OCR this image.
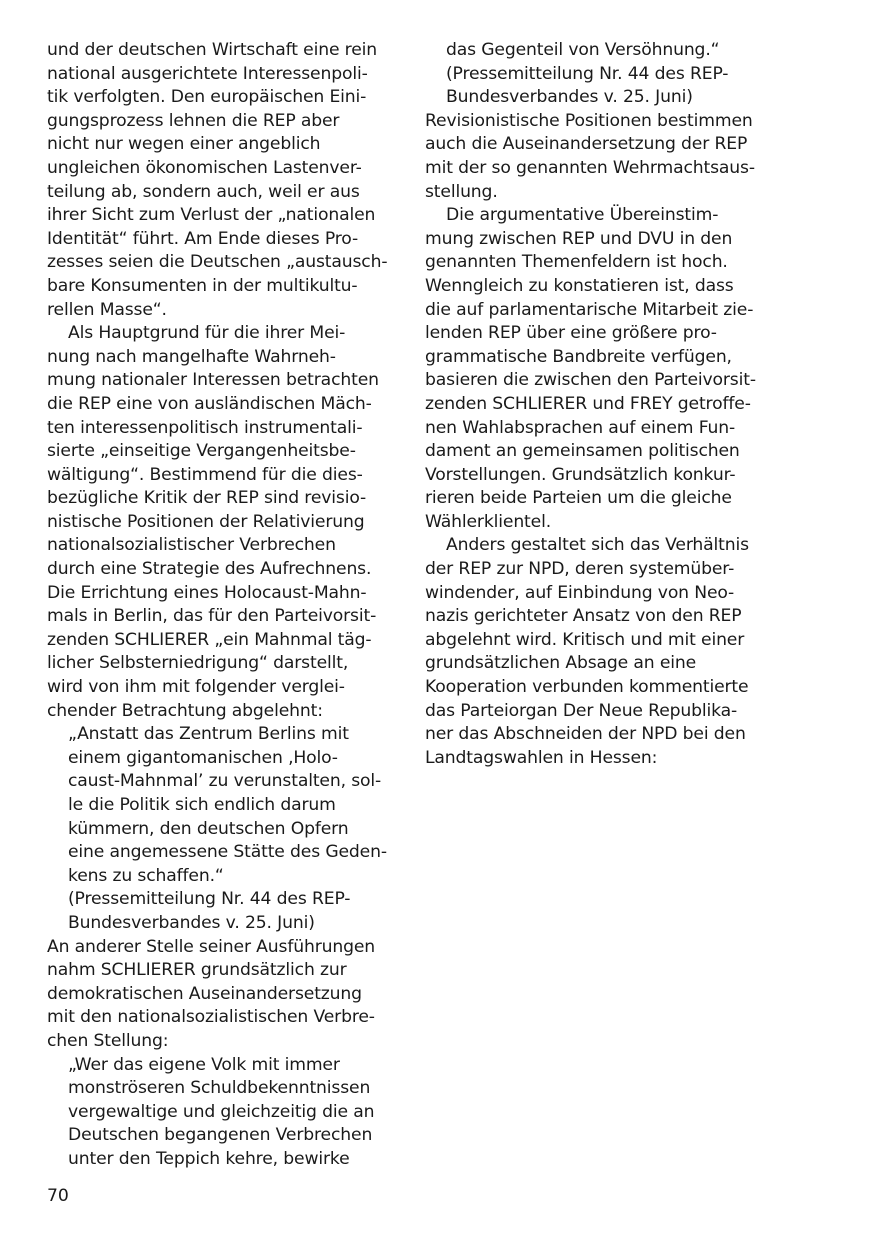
und der deutschen Wirtschaft eine rein
national ausgerichtete Interessenpoli-
tik verfolgten. Den europäischen Eini-
gungsprozess lehnen die REP aber
nicht nur wegen einer angeblich
ungleichen ökonomischen Lastenver-
teilung ab, sondern auch, weil er aus
ihrer Sicht zum Verlust der „nationalen
Identität“ führt. Am Ende dieses Pro-
zesses seien die Deutschen „austausch-
bare Konsumenten in der multikultu-
rellen Masse“.
Als Hauptgrund für die ihrer Mei-
nung nach mangelhafte Wahrneh-
mung nationaler Interessen betrachten
die REP eine von ausländischen Mäch-
ten interessenpolitisch instrumentali-
sierte „einseitige Vergangenheitsbe-
wältigung“. Bestimmend für die dies-
bezügliche Kritik der REP sind revisio-
nistische Positionen der Relativierung
nationalsozialistischer Verbrechen
durch eine Strategie des Aufrechnens.
Die Errichtung eines Holocaust-Mahn-
mals in Berlin, das für den Parteivorsit-
zenden SCHLIERER „ein Mahnmal täg-
licher Selbsterniedrigung“ darstellt,
wird von ihm mit folgender verglei-
chender Betrachtung abgelehnt:
„Anstatt das Zentrum Berlins mit
einem gigantomanischen ‚Holo-
caust-Mahnmal’ zu verunstalten, sol-
le die Politik sich endlich darum
kümmern, den deutschen Opfern
eine angemessene Stätte des Geden-
kens zu schaffen.“
(Pressemitteilung Nr. 44 des REP-
Bundesverbandes v. 25. Juni)
An anderer Stelle seiner Ausführungen
nahm SCHLIERER grundsätzlich zur
demokratischen Auseinandersetzung
mit den nationalsozialistischen Verbre-
chen Stellung:
„Wer das eigene Volk mit immer
monströseren Schuldbekenntnissen
vergewaltige und gleichzeitig die an
Deutschen begangenen Verbrechen
unter den Teppich kehre, bewirke
das Gegenteil von Versöhnung.“
(Pressemitteilung Nr. 44 des REP-
Bundesverbandes v. 25. Juni)
Revisionistische Positionen bestimmen
auch die Auseinandersetzung der REP
mit der so genannten Wehrmachtsaus-
stellung.
Die argumentative Übereinstim-
mung zwischen REP und DVU in den
genannten Themenfeldern ist hoch.
Wenngleich zu konstatieren ist, dass
die auf parlamentarische Mitarbeit zie-
lenden REP über eine größere pro-
grammatische Bandbreite verfügen,
basieren die zwischen den Parteivorsit-
zenden SCHLIERER und FREY getroffe-
nen Wahlabsprachen auf einem Fun-
dament an gemeinsamen politischen
Vorstellungen. Grundsätzlich konkur-
rieren beide Parteien um die gleiche
Wählerklientel.
Anders gestaltet sich das Verhältnis
der REP zur NPD, deren systemüber-
windender, auf Einbindung von Neo-
nazis gerichteter Ansatz von den REP
abgelehnt wird. Kritisch und mit einer
grundsätzlichen Absage an eine
Kooperation verbunden kommentierte
das Parteiorgan Der Neue Republika-
ner das Abschneiden der NPD bei den
Landtagswahlen in Hessen:
70
